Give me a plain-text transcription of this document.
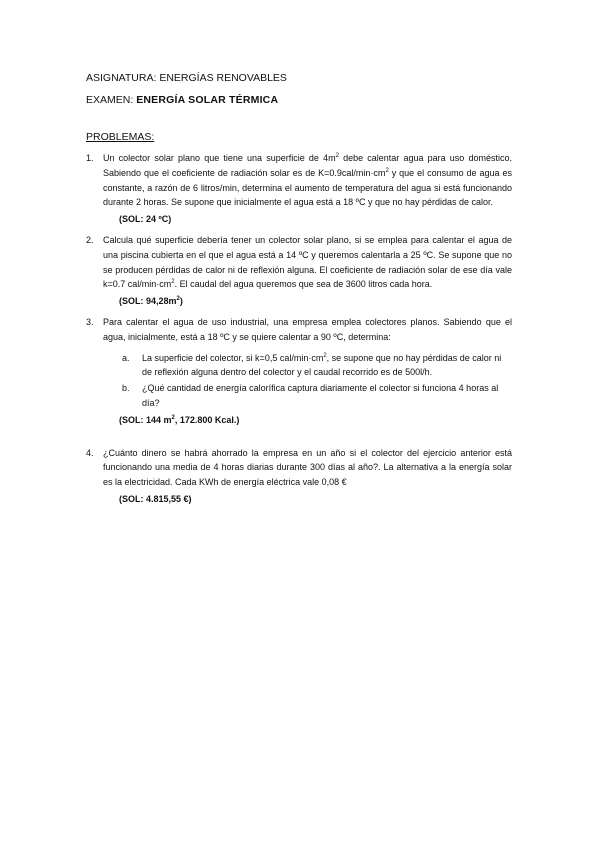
ASIGNATURA: ENERGÍAS RENOVABLES
EXAMEN: ENERGÍA SOLAR TÉRMICA
PROBLEMAS:
1. Un colector solar plano que tiene una superficie de $4m^2$ debe calentar agua para uso doméstico. Sabiendo que el coeficiente de radiación solar es de $K=0.9cal/\min\cdot cm^2$ y que el consumo de agua es constante, a razón de 6 litros/min, determina el aumento de temperatura del agua si está funcionando durante 2 horas. Se supone que inicialmente el agua está a 18 ºC y que no hay pérdidas de calor.

(SOL: 24 ºC)
2. Calcula qué superficie debería tener un colector solar plano, si se emplea para calentar el agua de una piscina cubierta en el que el agua está a 14 ºC y queremos calentarla a 25 ºC. Se supone que no se producen pérdidas de calor ni de reflexión alguna. El coeficiente de radiación solar de ese día vale k=0.7 cal/$\min\cdot cm^2$. El caudal del agua queremos que sea de 3600 litros cada hora.

(SOL: $94,28m^2$)
3. Para calentar el agua de uso industrial, una empresa emplea colectores planos. Sabiendo que el agua, inicialmente, está a 18 ºC y se quiere calentar a 90 ºC, determina:

a. La superficie del colector, si k=0,5 cal/$\min\cdot cm^2$, se supone que no hay pérdidas de calor ni de reflexión alguna dentro del colector y el caudal recorrido es de 500l/h.

b. ¿Qué cantidad de energía calorífica captura diariamente el colector si funciona 4 horas al día?

(SOL: 144 $m^2$, 172.800 Kcal.)
4. ¿Cuánto dinero se habrá ahorrado la empresa en un año si el colector del ejercicio anterior está funcionando una media de 4 horas diarias durante 300 días al año?. La alternativa a la energía solar es la electricidad. Cada KWh de energía eléctrica vale 0,08 €

(SOL: 4.815,55 €)
